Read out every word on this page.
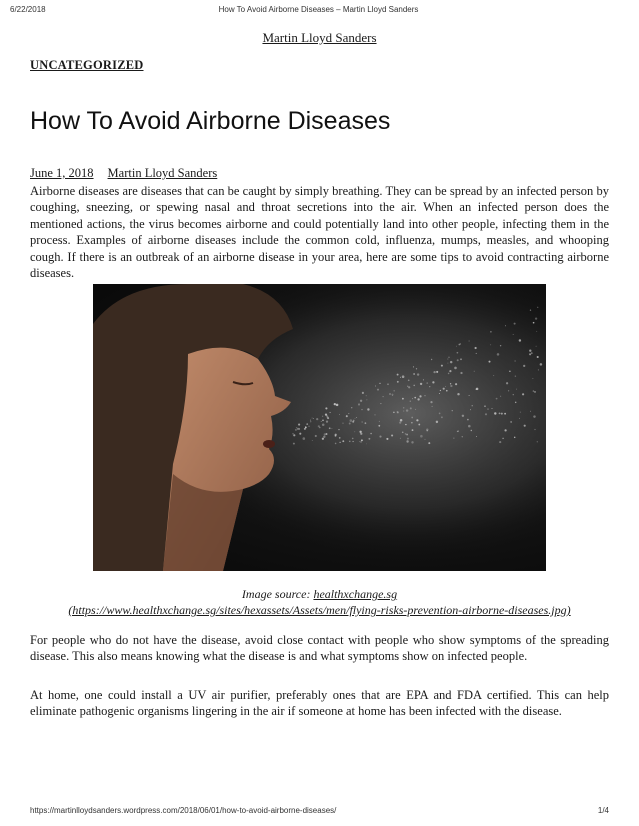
6/22/2018	How To Avoid Airborne Diseases – Martin Lloyd Sanders
Martin Lloyd Sanders
UNCATEGORIZED
How To Avoid Airborne Diseases
June 1, 2018 Martin Lloyd Sanders

Airborne diseases are diseases that can be caught by simply breathing. They can be spread by an infected person by coughing, sneezing, or spewing nasal and throat secretions into the air. When an infected person does the mentioned actions, the virus becomes airborne and could potentially land into other people, infecting them in the process. Examples of airborne diseases include the common cold, influenza, mumps, measles, and whooping cough. If there is an outbreak of an airborne disease in your area, here are some tips to avoid contracting airborne diseases.

Image source: healthxchange.sg
(https://www.healthxchange.sg/sites/hexassets/Assets/men/flying-risks-prevention-airborne-diseases.jpg)

For people who do not have the disease, avoid close contact with people who show symptoms of the spreading disease. This also means knowing what the disease is and what symptoms show on infected people.

At home, one could install a UV air purifier, preferably ones that are EPA and FDA certified. This can help eliminate pathogenic organisms lingering in the air if someone at home has been infected with the disease.

https://martinlloydsanders.wordpress.com/2018/06/01/how-to-avoid-airborne-diseases/	1/4
